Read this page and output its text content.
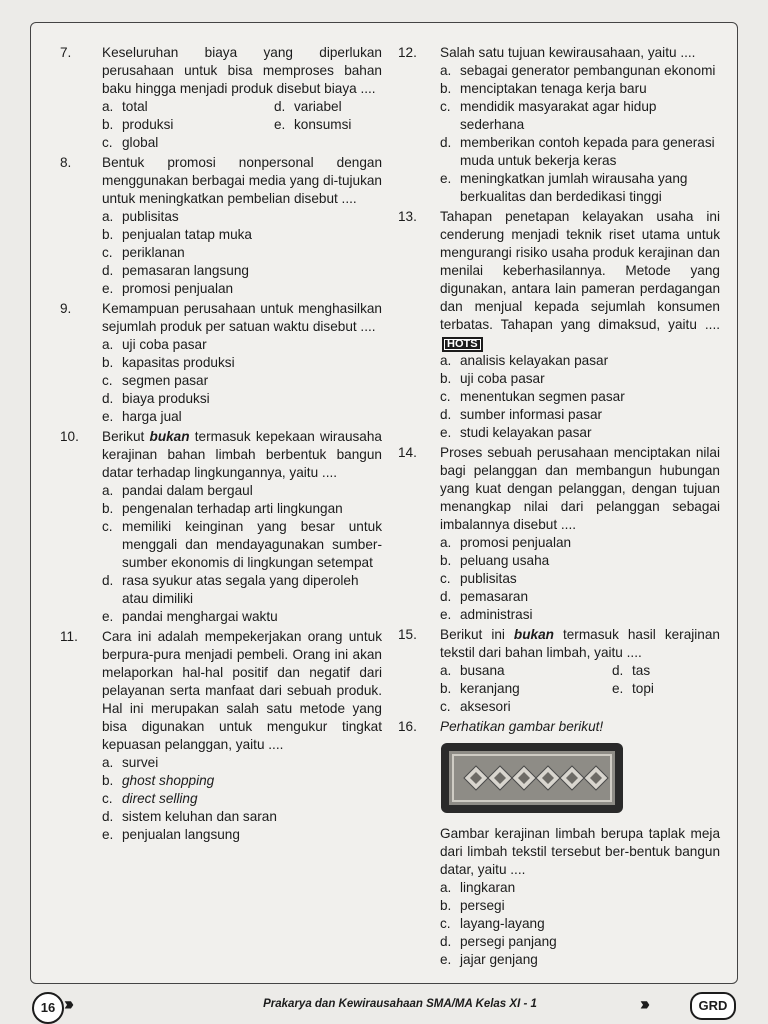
7. Keseluruhan biaya yang diperlukan perusahaan untuk bisa memproses bahan baku hingga menjadi produk disebut biaya ....
a. total	d. variabel
b. produksi	e. konsumsi
c. global
8. Bentuk promosi nonpersonal dengan menggunakan berbagai media yang di-tujukan untuk meningkatkan pembelian disebut ....
a. publisitas
b. penjualan tatap muka
c. periklanan
d. pemasaran langsung
e. promosi penjualan
9. Kemampuan perusahaan untuk menghasilkan sejumlah produk per satuan waktu disebut ....
a. uji coba pasar
b. kapasitas produksi
c. segmen pasar
d. biaya produksi
e. harga jual
10. Berikut bukan termasuk kepekaan wirausaha kerajinan bahan limbah berbentuk bangun datar terhadap lingkungannya, yaitu ....
a. pandai dalam bergaul
b. pengenalan terhadap arti lingkungan
c. memiliki keinginan yang besar untuk menggali dan mendayagunakan sumber-sumber ekonomis di lingkungan setempat
d. rasa syukur atas segala yang diperoleh atau dimiliki
e. pandai menghargai waktu
11. Cara ini adalah mempekerjakan orang untuk berpura-pura menjadi pembeli. Orang ini akan melaporkan hal-hal positif dan negatif dari pelayanan serta manfaat dari sebuah produk. Hal ini merupakan salah satu metode yang bisa digunakan untuk mengukur tingkat kepuasan pelanggan, yaitu ....
a. survei
b. ghost shopping
c. direct selling
d. sistem keluhan dan saran
e. penjualan langsung
12. Salah satu tujuan kewirausahaan, yaitu ....
a. sebagai generator pembangunan ekonomi
b. menciptakan tenaga kerja baru
c. mendidik masyarakat agar hidup sederhana
d. memberikan contoh kepada para generasi muda untuk bekerja keras
e. meningkatkan jumlah wirausaha yang berkualitas dan berdedikasi tinggi
13. Tahapan penetapan kelayakan usaha ini cenderung menjadi teknik riset utama untuk mengurangi risiko usaha produk kerajinan dan menilai keberhasilannya. Metode yang digunakan, antara lain pameran perdagangan dan menjual kepada sejumlah konsumen terbatas. Tahapan yang dimaksud, yaitu .... HOTS
a. analisis kelayakan pasar
b. uji coba pasar
c. menentukan segmen pasar
d. sumber informasi pasar
e. studi kelayakan pasar
14. Proses sebuah perusahaan menciptakan nilai bagi pelanggan dan membangun hubungan yang kuat dengan pelanggan, dengan tujuan menangkap nilai dari pelanggan sebagai imbalannya disebut ....
a. promosi penjualan
b. peluang usaha
c. publisitas
d. pemasaran
e. administrasi
15. Berikut ini bukan termasuk hasil kerajinan tekstil dari bahan limbah, yaitu ....
a. busana	d. tas
b. keranjang	e. topi
c. aksesori
16. Perhatikan gambar berikut!
Gambar kerajinan limbah berupa taplak meja dari limbah tekstil tersebut ber-bentuk bangun datar, yaitu ....
a. lingkaran
b. persegi
c. layang-layang
d. persegi panjang
e. jajar genjang
16 ›››	Prakarya dan Kewirausahaan SMA/MA Kelas XI - 1	›››	GRD
